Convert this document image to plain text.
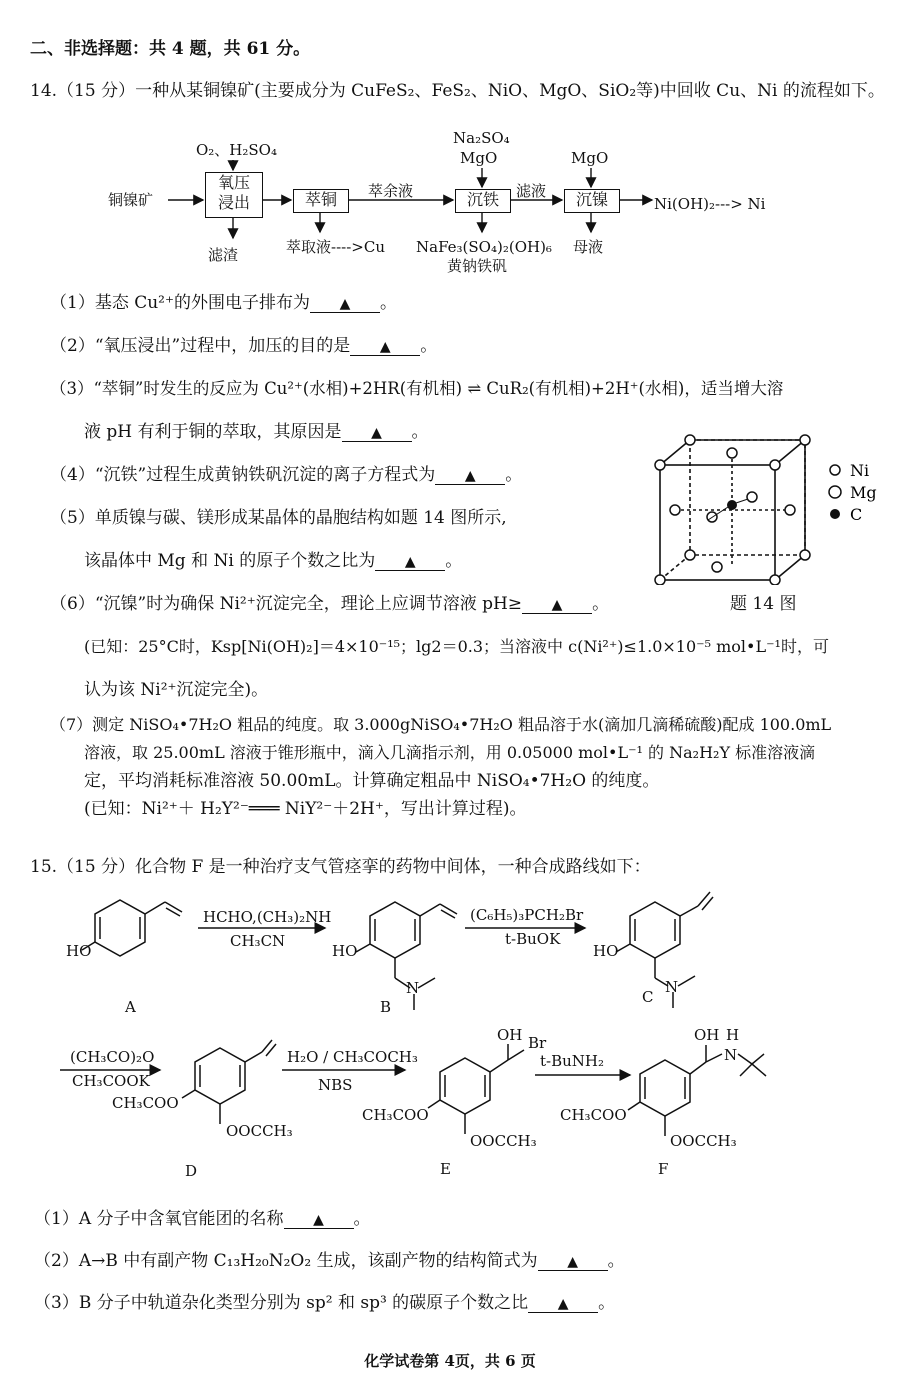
二、非选择题：共 4 题，共 61 分。
14.（15 分）一种从某铜镍矿(主要成分为 CuFeS₂、FeS₂、NiO、MgO、SiO₂等)中回收 Cu、Ni 的流程如下。
铜镍矿
O₂、H₂SO₄
氧压
浸出
滤渣
萃铜
萃取液---->Cu
萃余液
Na₂SO₄
MgO
沉铁
NaFe₃(SO₄)₂(OH)₆
黄钠铁矾
滤液
MgO
沉镍
母液
Ni(OH)₂---> Ni
（1）基态 Cu²⁺的外围电子排布为 ▲ 。
（2）“氧压浸出”过程中，加压的目的是 ▲ 。
（3）“萃铜”时发生的反应为 Cu²⁺(水相)+2HR(有机相) ⇌ CuR₂(有机相)+2H⁺(水相)，适当增大溶
液 pH 有利于铜的萃取，其原因是 ▲ 。
（4）“沉铁”过程生成黄钠铁矾沉淀的离子方程式为 ▲ 。
（5）单质镍与碳、镁形成某晶体的晶胞结构如题 14 图所示,
该晶体中 Mg 和 Ni 的原子个数之比为 ▲ 。
（6）“沉镍”时为确保 Ni²⁺沉淀完全，理论上应调节溶液 pH≥ ▲ 。	题 14 图
Ni
Mg
C
(已知：25°C时，Ksp[Ni(OH)₂]＝4×10⁻¹⁵；lg2＝0.3；当溶液中 c(Ni²⁺)≤1.0×10⁻⁵ mol•L⁻¹时，可
认为该 Ni²⁺沉淀完全)。
（7）测定 NiSO₄•7H₂O 粗品的纯度。取 3.000gNiSO₄•7H₂O 粗品溶于水(滴加几滴稀硫酸)配成 100.0mL
溶液，取 25.00mL 溶液于锥形瓶中，滴入几滴指示剂，用 0.05000 mol•L⁻¹ 的 Na₂H₂Y 标准溶液滴
定，平均消耗标准溶液 50.00mL。计算确定粗品中 NiSO₄•7H₂O 的纯度。
(已知：Ni²⁺＋ H₂Y²⁻═══ NiY²⁻＋2H⁺，写出计算过程)。
15.（15 分）化合物 F 是一种治疗支气管痉挛的药物中间体，一种合成路线如下：
HO
A
HCHO,(CH₃)₂NH
CH₃CN
HO
N
B
(C₆H₅)₃PCH₂Br
t-BuOK
HO
N
C
(CH₃CO)₂O
CH₃COOK
CH₃COO
OOCCH₃
D
H₂O / CH₃COCH₃
NBS
OH Br
CH₃COO
OOCCH₃
E
t-BuNH₂
OH H
N
CH₃COO
OOCCH₃
F
（1）A 分子中含氧官能团的名称 ▲ 。
（2）A→B 中有副产物 C₁₃H₂₀N₂O₂ 生成，该副产物的结构简式为 ▲ 。
（3）B 分子中轨道杂化类型分别为 sp² 和 sp³ 的碳原子个数之比 ▲ 。
化学试卷第 4页，共 6 页
